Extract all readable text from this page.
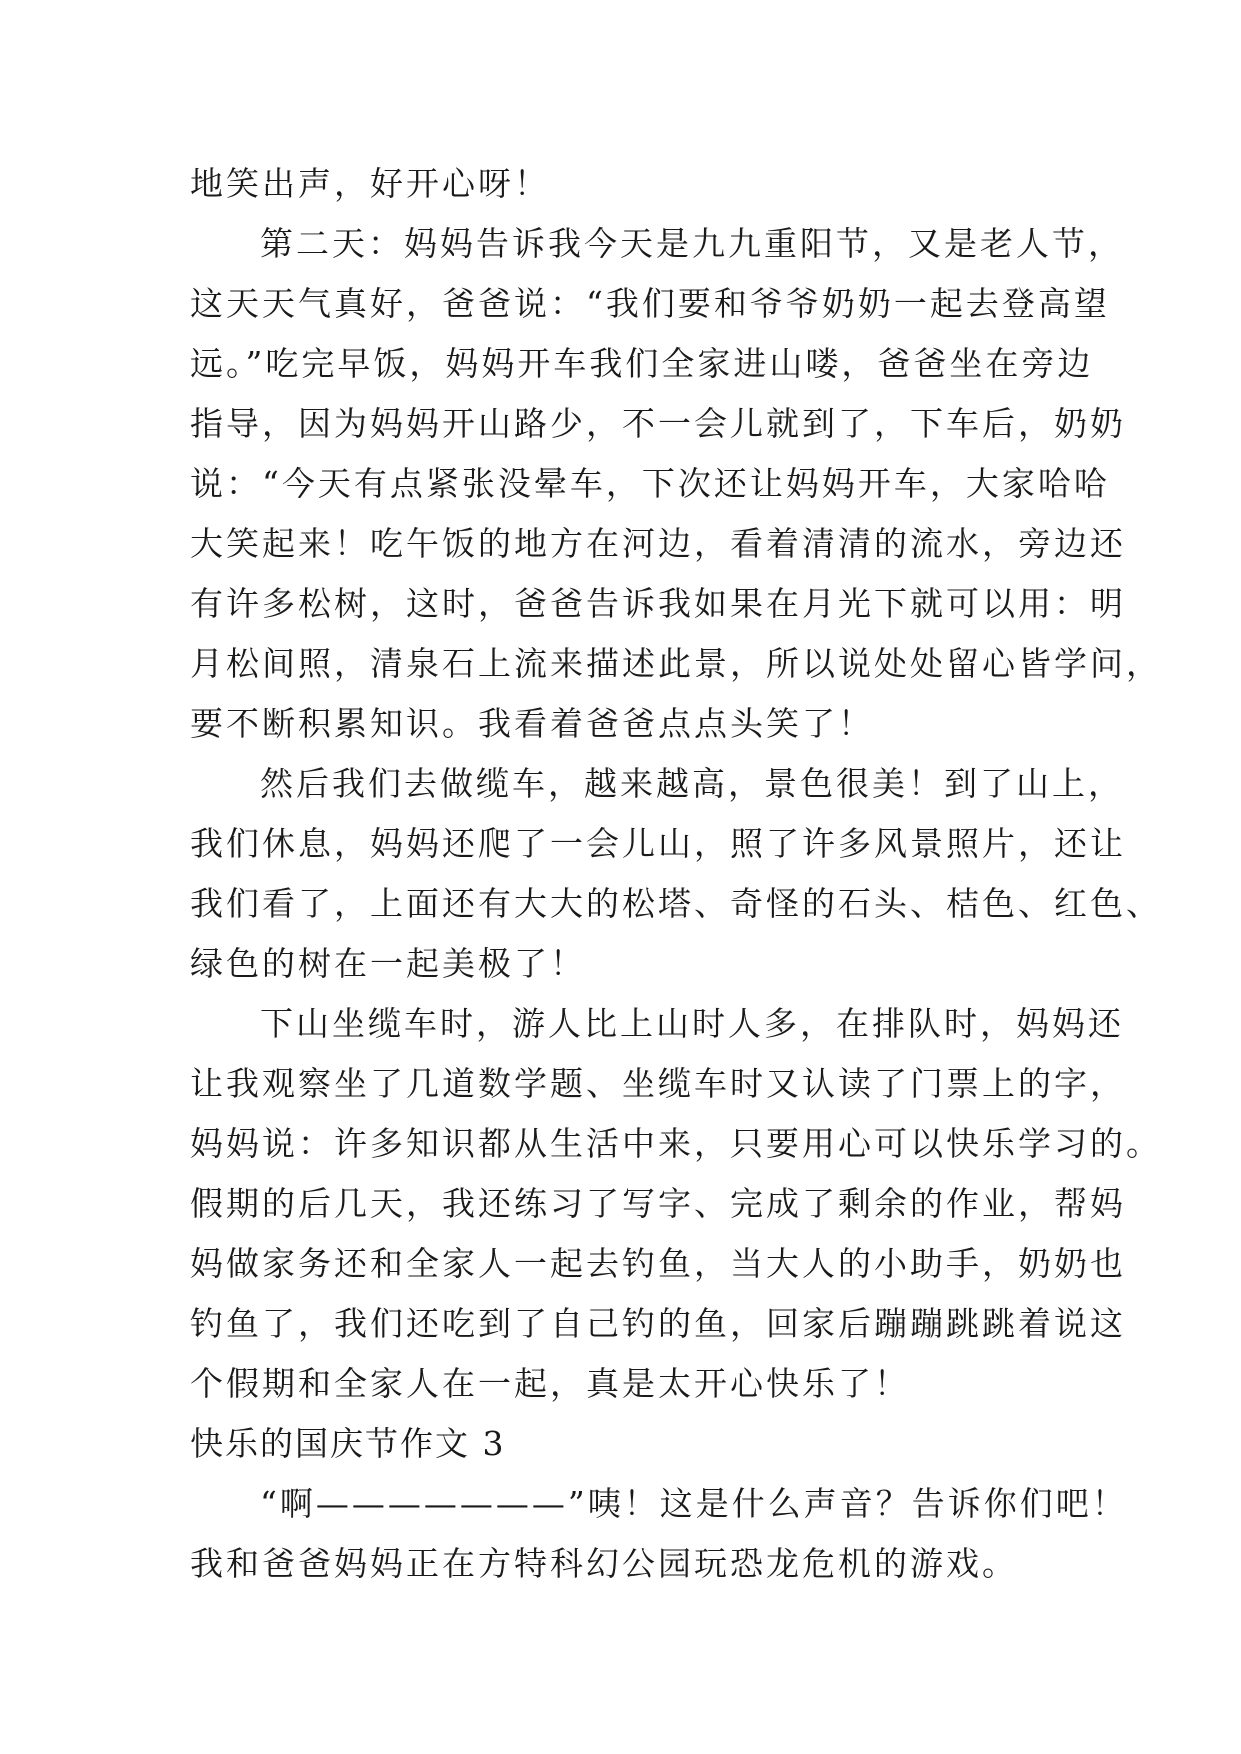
地笑出声，好开心呀！
第二天：妈妈告诉我今天是九九重阳节，又是老人节，
这天天气真好，爸爸说：“我们要和爷爷奶奶一起去登高望
远。”吃完早饭，妈妈开车我们全家进山喽，爸爸坐在旁边
指导，因为妈妈开山路少，不一会儿就到了，下车后，奶奶
说：“今天有点紧张没晕车，下次还让妈妈开车，大家哈哈
大笑起来！吃午饭的地方在河边，看着清清的流水，旁边还
有许多松树，这时，爸爸告诉我如果在月光下就可以用：明
月松间照，清泉石上流来描述此景，所以说处处留心皆学问，
要不断积累知识。我看着爸爸点点头笑了！
然后我们去做缆车，越来越高，景色很美！到了山上，
我们休息，妈妈还爬了一会儿山，照了许多风景照片，还让
我们看了，上面还有大大的松塔、奇怪的石头、桔色、红色、
绿色的树在一起美极了！
下山坐缆车时，游人比上山时人多，在排队时，妈妈还
让我观察坐了几道数学题、坐缆车时又认读了门票上的字，
妈妈说：许多知识都从生活中来，只要用心可以快乐学习的。
假期的后几天，我还练习了写字、完成了剩余的作业，帮妈
妈做家务还和全家人一起去钓鱼，当大人的小助手，奶奶也
钓鱼了，我们还吃到了自己钓的鱼，回家后蹦蹦跳跳着说这
个假期和全家人在一起，真是太开心快乐了！
快乐的国庆节作文 3
“啊———————”咦！这是什么声音？告诉你们吧！
我和爸爸妈妈正在方特科幻公园玩恐龙危机的游戏。
